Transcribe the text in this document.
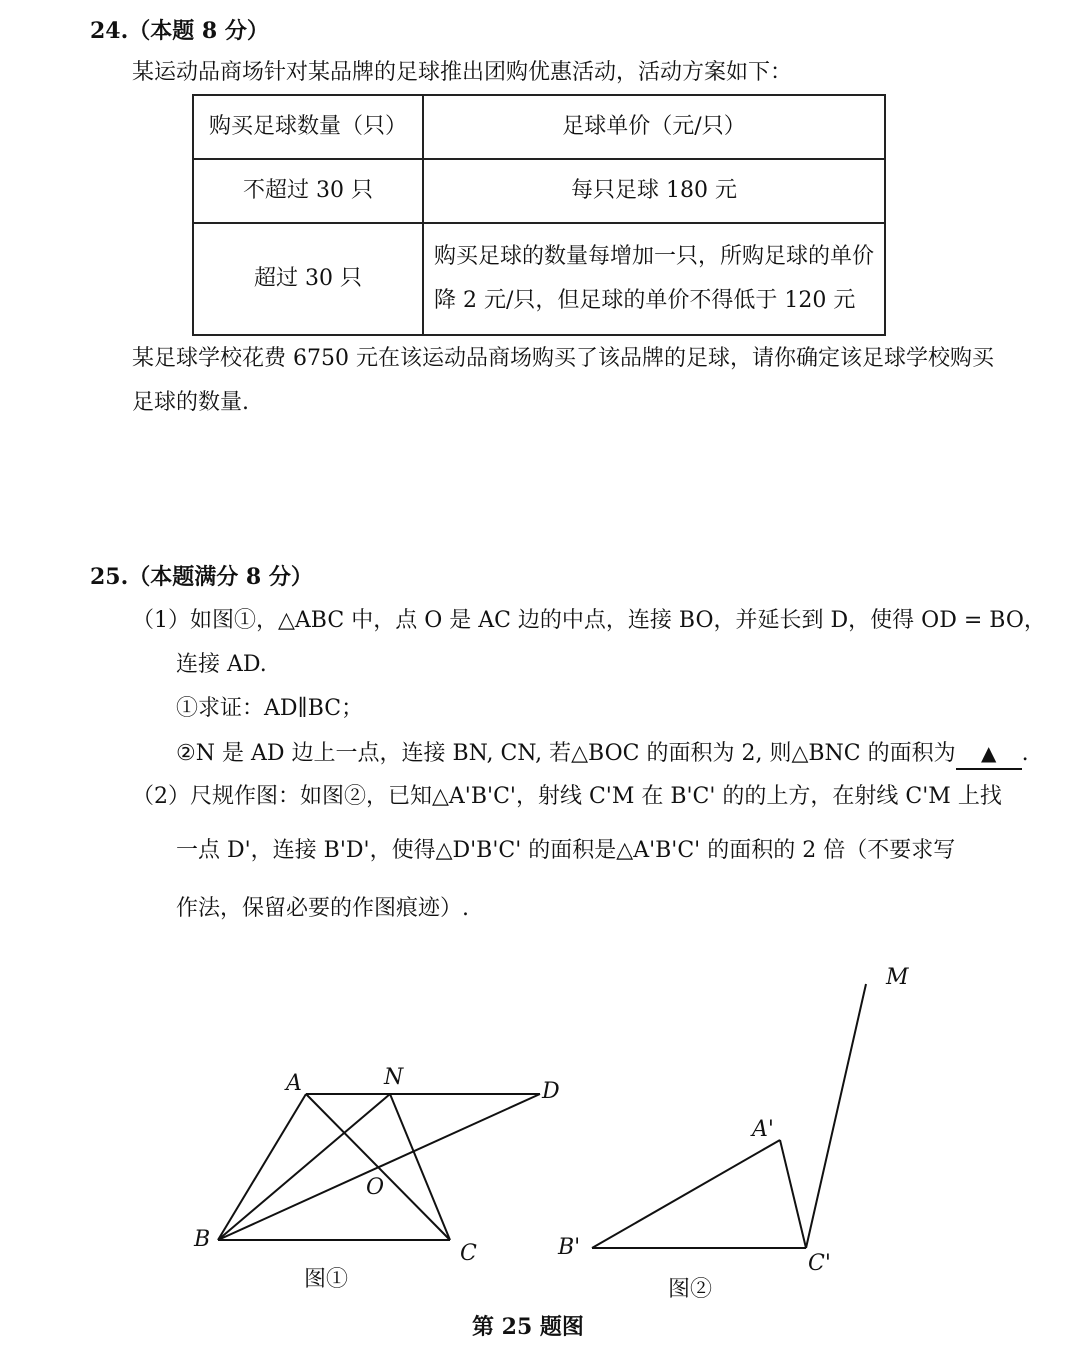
24.（本题 8 分）
某运动品商场针对某品牌的足球推出团购优惠活动，活动方案如下：
购买足球数量（只）	足球单价（元/只）
不超过 30 只	每只足球 180 元
超过 30 只	购买足球的数量每增加一只，所购足球的单价降 2 元/只，但足球的单价不得低于 120 元
某足球学校花费 6750 元在该运动品商场购买了该品牌的足球，请你确定该足球学校购买
足球的数量.
25.（本题满分 8 分）
（1）如图①，△ABC 中，点 O 是 AC 边的中点，连接 BO，并延长到 D，使得 OD = BO，
连接 AD.
①求证：AD∥BC；
②N 是 AD 边上一点，连接 BN, CN, 若△BOC 的面积为 2, 则△BNC 的面积为 ▲ .
（2）尺规作图：如图②，已知△A'B'C'，射线 C'M 在 B'C' 的的上方，在射线 C'M 上找
一点 D'，连接 B'D'，使得△D'B'C' 的面积是△A'B'C' 的面积的 2 倍（不要求写
作法，保留必要的作图痕迹）.
A	N
D
O
B
C
图①
M
A'
B'
C'
图②
第 25 题图
